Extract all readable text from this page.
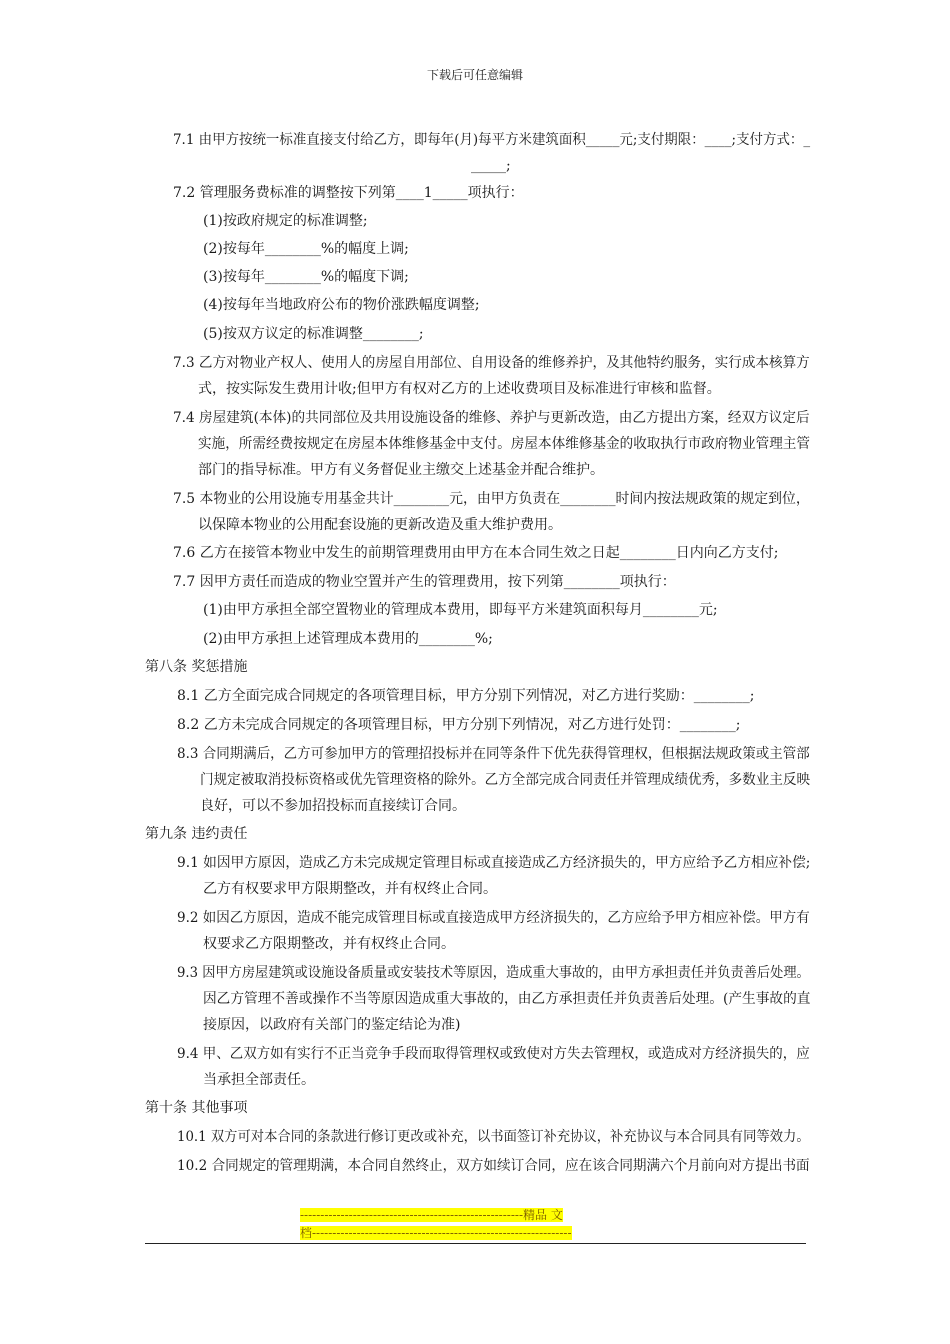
下载后可任意编辑
7.1 由甲方按统一标准直接支付给乙方，即每年(月)每平方米建筑面积_____元;支付期限：____;支付方式：_
_____;
7.2 管理服务费标准的调整按下列第____1_____项执行：
(1)按政府规定的标准调整;
(2)按每年________%的幅度上调;
(3)按每年________%的幅度下调;
(4)按每年当地政府公布的物价涨跌幅度调整;
(5)按双方议定的标准调整________;
7.3 乙方对物业产权人、使用人的房屋自用部位、自用设备的维修养护，及其他特约服务，实行成本核算方
式，按实际发生费用计收;但甲方有权对乙方的上述收费项目及标准进行审核和监督。
7.4 房屋建筑(本体)的共同部位及共用设施设备的维修、养护与更新改造，由乙方提出方案，经双方议定后
实施，所需经费按规定在房屋本体维修基金中支付。房屋本体维修基金的收取执行市政府物业管理主管
部门的指导标准。甲方有义务督促业主缴交上述基金并配合维护。
7.5 本物业的公用设施专用基金共计________元，由甲方负责在________时间内按法规政策的规定到位，
以保障本物业的公用配套设施的更新改造及重大维护费用。
7.6 乙方在接管本物业中发生的前期管理费用由甲方在本合同生效之日起________日内向乙方支付;
7.7 因甲方责任而造成的物业空置并产生的管理费用，按下列第________项执行：
(1)由甲方承担全部空置物业的管理成本费用，即每平方米建筑面积每月________元;
(2)由甲方承担上述管理成本费用的________%;
第八条 奖惩措施
8.1 乙方全面完成合同规定的各项管理目标，甲方分别下列情况，对乙方进行奖励：________;
8.2 乙方未完成合同规定的各项管理目标，甲方分别下列情况，对乙方进行处罚：________;
8.3 合同期满后，乙方可参加甲方的管理招投标并在同等条件下优先获得管理权，但根据法规政策或主管部
门规定被取消投标资格或优先管理资格的除外。乙方全部完成合同责任并管理成绩优秀，多数业主反映
良好，可以不参加招投标而直接续订合同。
第九条 违约责任
9.1 如因甲方原因，造成乙方未完成规定管理目标或直接造成乙方经济损失的，甲方应给予乙方相应补偿;
乙方有权要求甲方限期整改，并有权终止合同。
9.2 如因乙方原因，造成不能完成管理目标或直接造成甲方经济损失的，乙方应给予甲方相应补偿。甲方有
权要求乙方限期整改，并有权终止合同。
9.3 因甲方房屋建筑或设施设备质量或安装技术等原因，造成重大事故的，由甲方承担责任并负责善后处理。
因乙方管理不善或操作不当等原因造成重大事故的，由乙方承担责任并负责善后处理。(产生事故的直
接原因，以政府有关部门的鉴定结论为准)
9.4 甲、乙双方如有实行不正当竞争手段而取得管理权或致使对方失去管理权，或造成对方经济损失的，应
当承担全部责任。
第十条 其他事项
10.1 双方可对本合同的条款进行修订更改或补充，以书面签订补充协议，补充协议与本合同具有同等效力。
10.2 合同规定的管理期满，本合同自然终止，双方如续订合同，应在该合同期满六个月前向对方提出书面
-------------------------------------------------------精品 文
档----------------------------------------------------------------
